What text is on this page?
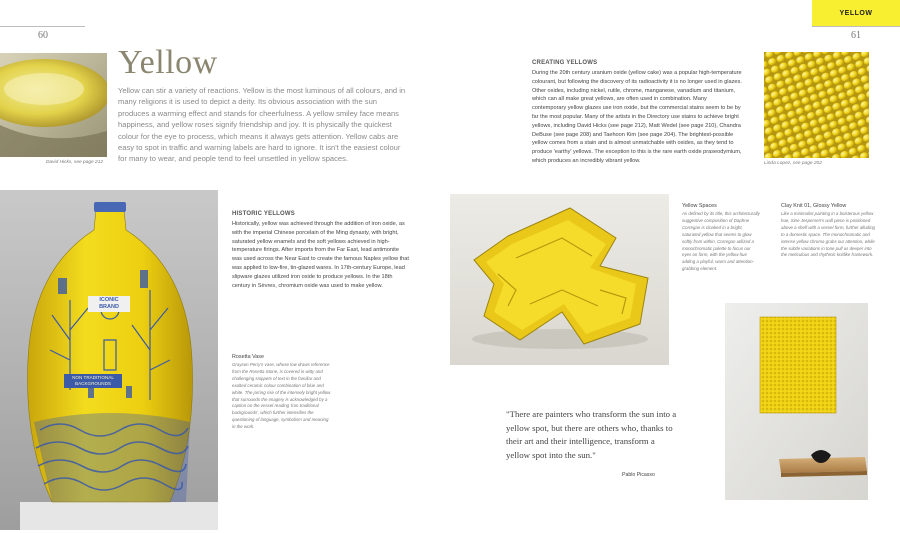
60	61
YELLOW
David Hicks, see page 212
Yellow
Yellow can stir a variety of reactions. Yellow is the most luminous of all colours, and in many religions it is used to depict a deity. Its obvious association with the sun produces a warming effect and stands for cheerfulness. A yellow smiley face means happiness, and yellow roses signify friendship and joy. It is physically the quickest colour for the eye to process, which means it always gets attention. Yellow cabs are easy to spot in traffic and warning labels are hard to ignore. It isn't the easiest colour for many to wear, and people tend to feel unsettled in yellow spaces.
CREATING YELLOWS
During the 20th century uranium oxide (yellow cake) was a popular high-temperature colourant, but following the discovery of its radioactivity it is no longer used in glazes. Other oxides, including nickel, rutile, chrome, manganese, vanadium and titanium, which can all make great yellows, are often used in combination. Many contemporary yellow glazes use iron oxide, but the commercial stains seem to be by far the most popular. Many of the artists in the Directory use stains to achieve bright yellows, including David Hicks (see page 212), Matt Wedel (see page 210), Chandra DeBuse (see page 208) and Taehoon Kim (see page 204). The brightest-possible yellow comes from a stain and is almost unmatchable with oxides, as they tend to produce 'earthy' yellows. The exception to this is the rare earth oxide praseodymium, which produces an incredibly vibrant yellow.	Linda Lopez, see page 202
ICONIC BRAND
NON TRADITIONAL BACKGROUNDS
HISTORIC YELLOWS
Historically, yellow was achieved through the addition of iron oxide, as with the imperial Chinese porcelain of the Ming dynasty, with bright, saturated yellow enamels and the soft yellows achieved in high-temperature firings. After imports from the Far East, lead antimonite was used across the Near East to create the famous Naples yellow that was applied to low-fire, tin-glazed wares. In 17th-century Europe, lead slipware glazes utilized iron oxide to produce yellows. In the 18th century in Sèvres, chromium oxide was used to make yellow.
Rosetta Vase
Grayson Perry's vase, whose low draws reference from the Rosetta Stone, is covered in witty and challenging snippets of text in the familiar and exalted ceramic colour combination of blue and white. The jarring rise of the intensely bright yellow that surrounds the imagery is acknowledged by a caption on the vessel reading 'iron traditional backgrounds', which further intensifies the questioning of language, symbolism and meaning in the work.
Yellow Spaces
As defined by its title, this architecturally suggestive composition of Daphne Corregan is cloaked in a bright, saturated yellow that seems to glow softly from within. Corregan utilized a monochromatic palette to focus our eyes on form, with the yellow hue adding a playful, warm and attention-grabbing element.
Clay Knit 01, Glossy Yellow
Like a minimalist painting in a boisterous yellow hue, Sine Jespersen's wall piece is positioned above a shelf with a vessel form, further alluding to a domestic space. The monochromatic and intense yellow chroma grabs our attention, while the subtle variations in tone pull us deeper into the meticulous and rhythmic knitlike framework.
"There are painters who transform the sun into a yellow spot, but there are others who, thanks to their art and their intelligence, transform a yellow spot into the sun."
Pablo Picasso
